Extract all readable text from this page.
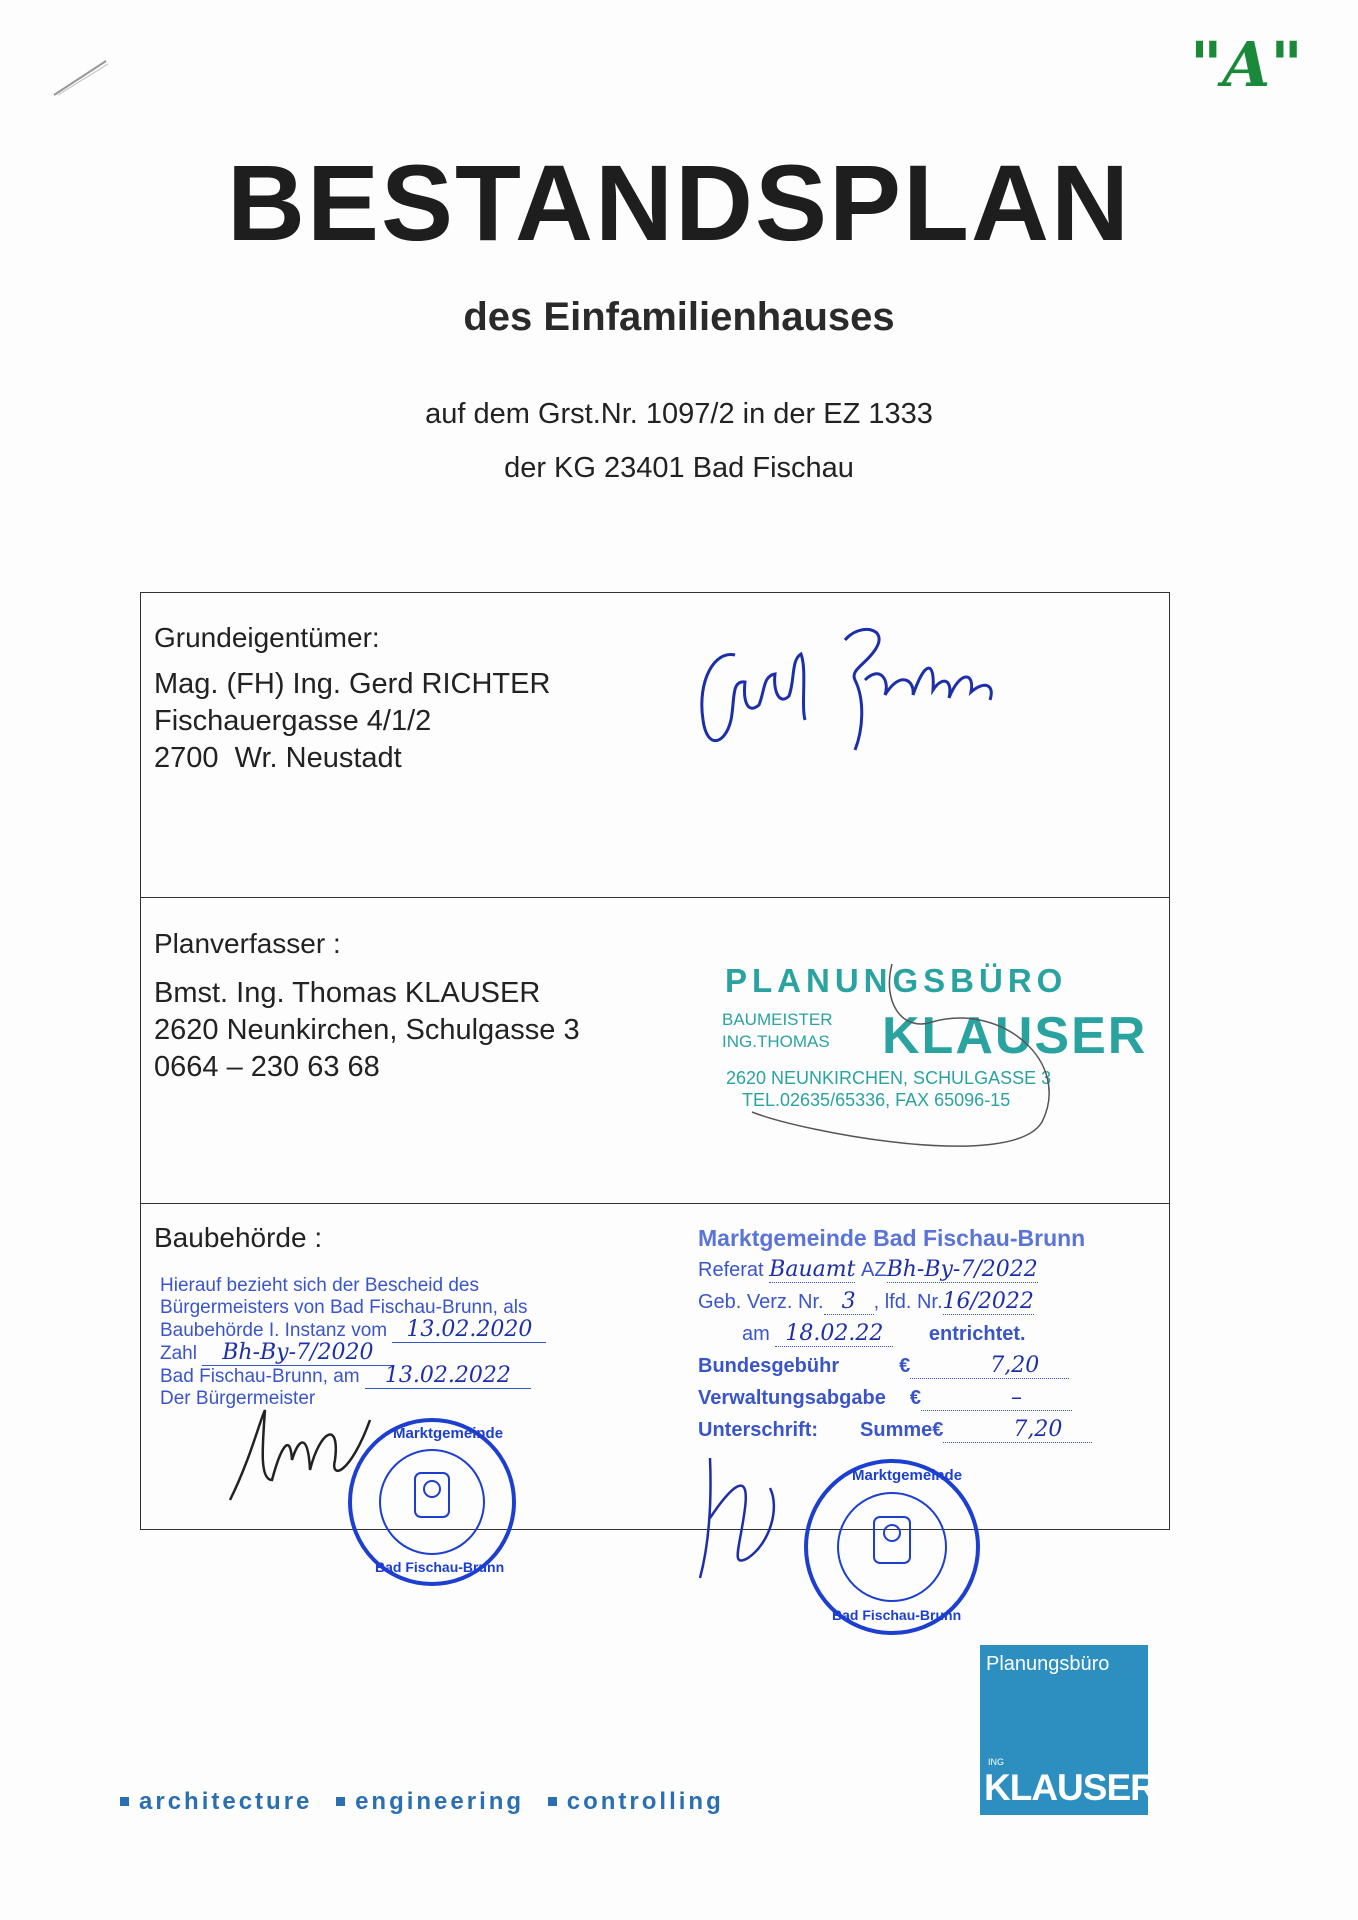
"A"
BESTANDSPLAN
des Einfamilienhauses
auf dem Grst.Nr. 1097/2 in der EZ 1333
der KG 23401 Bad Fischau
Grundeigentümer:
Mag. (FH) Ing. Gerd RICHTER
Fischauergasse 4/1/2
2700  Wr. Neustadt
Planverfasser :
Bmst. Ing. Thomas KLAUSER
2620 Neunkirchen, Schulgasse 3
0664 – 230 63 68
PLANUNGSBÜRO
BAUMEISTER
ING.THOMAS KLAUSER
2620 NEUNKIRCHEN, SCHULGASSE 3
TEL.02635/65336, FAX 65096-15
Baubehörde :
Hierauf bezieht sich der Bescheid des
Bürgermeisters von Bad Fischau-Brunn, als
Baubehörde I. Instanz vom 13.02.2020
Zahl Bh-By-7/2020
Bad Fischau-Brunn, am 13.02.2022
Der Bürgermeister
Marktgemeinde
Bad Fischau-Brunn
Marktgemeinde Bad Fischau-Brunn
Referat Bauamt AZBh-By-7/2022
Geb. Verz. Nr. 3 , lfd. Nr.16/2022
am 18.02.22 entrichtet.
Bundesgebühr	€	7,20
Verwaltungsabgabe €	–
Unterschrift: Summe€	7,20
Marktgemeinde
Bad Fischau-Brunn
architecture engineering controlling
Planungsbüro
ING
KLAUSER
